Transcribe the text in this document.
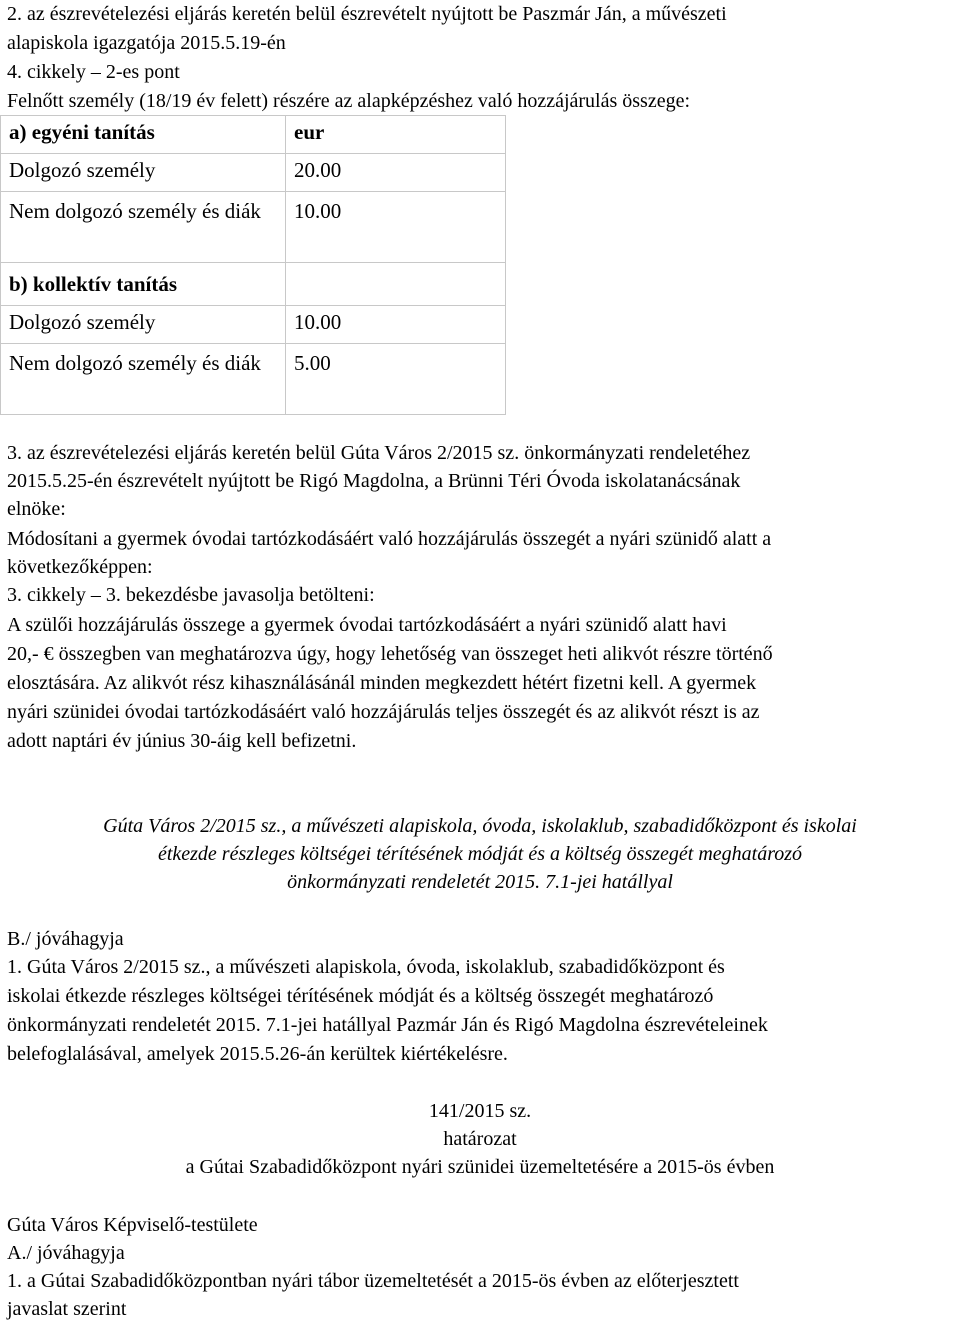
2. az észrevételezési eljárás keretén belül észrevételt nyújtott be Paszmár Ján, a művészeti
alapiskola igazgatója 2015.5.19-én
4. cikkely – 2-es pont
Felnőtt személy (18/19 év felett) részére az alapképzéshez való hozzájárulás összege:
a) egyéni tanítás	eur
Dolgozó személy	20.00
Nem dolgozó személy és diák	10.00
b) kollektív tanítás	
Dolgozó személy	10.00
Nem dolgozó személy és diák	5.00
3. az észrevételezési eljárás keretén belül Gúta Város 2/2015 sz. önkormányzati rendeletéhez
2015.5.25-én észrevételt nyújtott be Rigó Magdolna, a Brünni Téri Óvoda iskolatanácsának
elnöke:
Módosítani a gyermek óvodai tartózkodásáért való hozzájárulás összegét a nyári szünidő alatt a
következőképpen:
3. cikkely – 3. bekezdésbe javasolja betölteni:
A szülői hozzájárulás összege a gyermek óvodai tartózkodásáért a nyári szünidő alatt havi
20,- € összegben van meghatározva úgy, hogy lehetőség van összeget heti alikvót részre történő
elosztására. Az alikvót rész kihasználásánál minden megkezdett hétért fizetni kell. A gyermek
nyári szünidei óvodai tartózkodásáért való hozzájárulás teljes összegét és az alikvót részt is az
adott naptári év június 30-áig kell befizetni.
Gúta Város 2/2015 sz., a művészeti alapiskola, óvoda, iskolaklub, szabadidőközpont és iskolai
étkezde részleges költségei térítésének módját és a költség összegét meghatározó
önkormányzati rendeletét 2015. 7.1-jei hatállyal
B./ jóváhagyja
1. Gúta Város 2/2015 sz., a művészeti alapiskola, óvoda, iskolaklub, szabadidőközpont és
iskolai étkezde részleges költségei térítésének módját és a költség összegét meghatározó
önkormányzati rendeletét 2015. 7.1-jei hatállyal Pazmár Ján és Rigó Magdolna észrevételeinek
belefoglalásával, amelyek 2015.5.26-án kerültek kiértékelésre.
141/2015 sz.
határozat
a Gútai Szabadidőközpont nyári szünidei üzemeltetésére a 2015-ös évben
Gúta Város Képviselő-testülete
A./ jóváhagyja
1. a Gútai Szabadidőközpontban nyári tábor üzemeltetését a 2015-ös évben az előterjesztett
javaslat szerint
